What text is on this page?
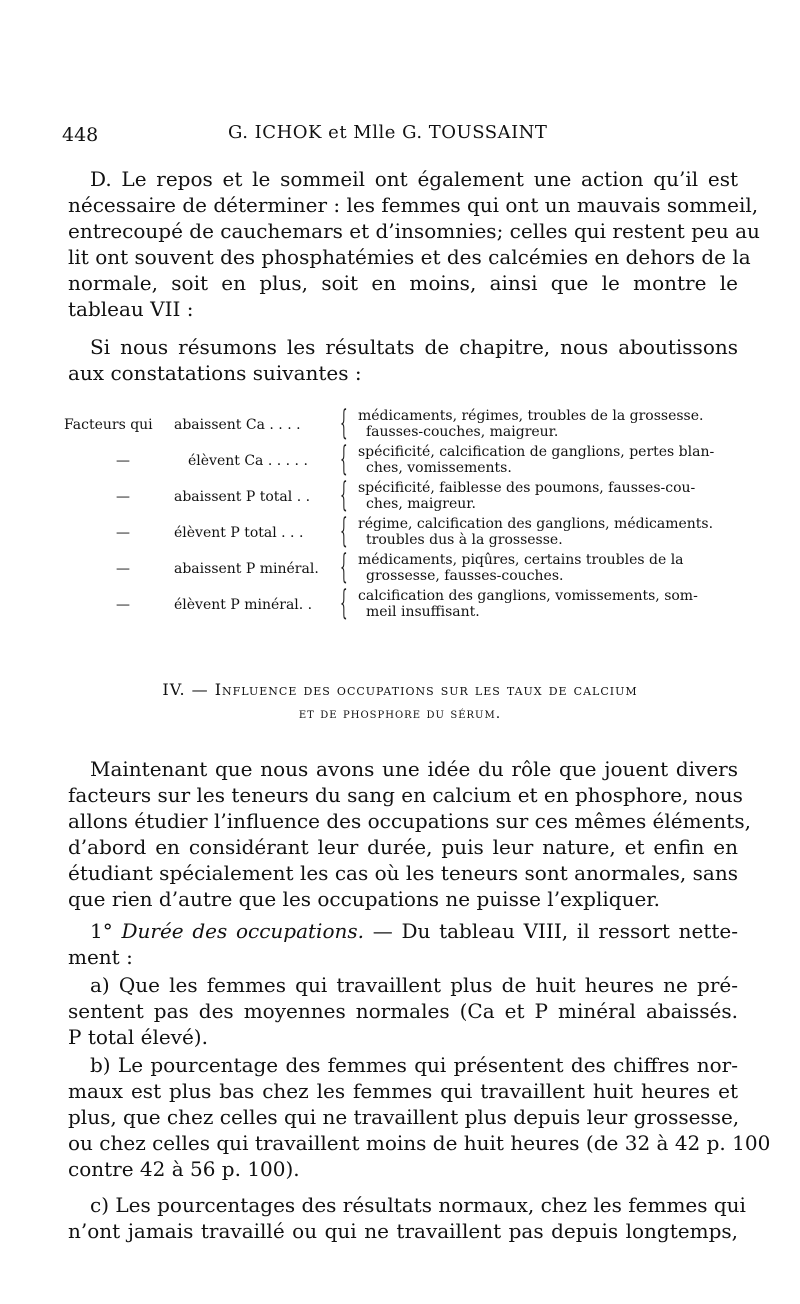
448	G. ICHOK et Mlle G. TOUSSAINT
D. Le repos et le sommeil ont également une action qu’il est
nécessaire de déterminer : les femmes qui ont un mauvais sommeil,
entrecoupé de cauchemars et d’insomnies; celles qui restent peu au
lit ont souvent des phosphatémies et des calcémies en dehors de la
normale, soit en plus, soit en moins, ainsi que le montre le
tableau VII :
Si nous résumons les résultats de chapitre, nous aboutissons
aux constatations suivantes :
Facteurs qui abaissent Ca . . . . { médicaments, régimes, troubles de la grossesse.
fausses-couches, maigreur.
—	élèvent Ca . . . . . { spécificité, calcification de ganglions, pertes blan-
ches, vomissements.
—	abaissent P total . . { spécificité, faiblesse des poumons, fausses-cou-
ches, maigreur.
—	élèvent P total . . . { régime, calcification des ganglions, médicaments.
troubles dus à la grossesse.
—	abaissent P minéral. { médicaments, piqûres, certains troubles de la
grossesse, fausses-couches.
—	élèvent P minéral. . { calcification des ganglions, vomissements, som-
meil insuffisant.
IV. — Influence des occupations sur les taux de calcium
et de phosphore du sérum.
Maintenant que nous avons une idée du rôle que jouent divers
facteurs sur les teneurs du sang en calcium et en phosphore, nous
allons étudier l’influence des occupations sur ces mêmes éléments,
d’abord en considérant leur durée, puis leur nature, et enfin en
étudiant spécialement les cas où les teneurs sont anormales, sans
que rien d’autre que les occupations ne puisse l’expliquer.
1° Durée des occupations. — Du tableau VIII, il ressort nette-
ment :
a) Que les femmes qui travaillent plus de huit heures ne pré-
sentent pas des moyennes normales (Ca et P minéral abaissés.
P total élevé).
b) Le pourcentage des femmes qui présentent des chiffres nor-
maux est plus bas chez les femmes qui travaillent huit heures et
plus, que chez celles qui ne travaillent plus depuis leur grossesse,
ou chez celles qui travaillent moins de huit heures (de 32 à 42 p. 100
contre 42 à 56 p. 100).
c) Les pourcentages des résultats normaux, chez les femmes qui
n’ont jamais travaillé ou qui ne travaillent pas depuis longtemps,
